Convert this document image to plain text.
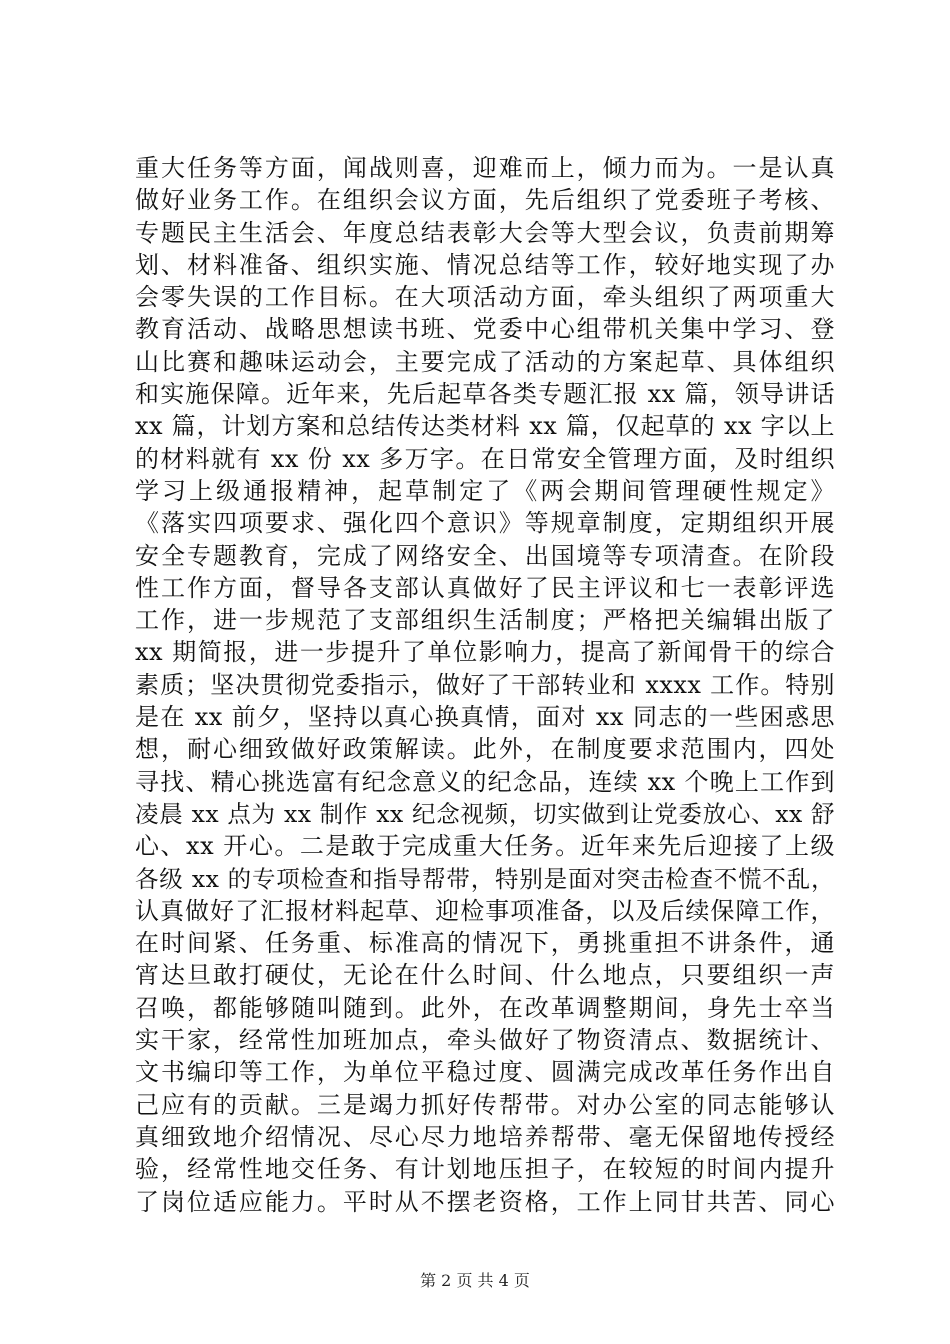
重大任务等方面，闻战则喜，迎难而上，倾力而为。一是认真
做好业务工作。在组织会议方面，先后组织了党委班子考核、
专题民主生活会、年度总结表彰大会等大型会议，负责前期筹
划、材料准备、组织实施、情况总结等工作，较好地实现了办
会零失误的工作目标。在大项活动方面，牵头组织了两项重大
教育活动、战略思想读书班、党委中心组带机关集中学习、登
山比赛和趣味运动会，主要完成了活动的方案起草、具体组织
和实施保障。近年来，先后起草各类专题汇报 xx 篇，领导讲话
xx 篇，计划方案和总结传达类材料 xx 篇，仅起草的 xx 字以上
的材料就有 xx 份 xx 多万字。在日常安全管理方面，及时组织
学习上级通报精神，起草制定了《两会期间管理硬性规定》
《落实四项要求、强化四个意识》等规章制度，定期组织开展
安全专题教育，完成了网络安全、出国境等专项清查。在阶段
性工作方面，督导各支部认真做好了民主评议和七一表彰评选
工作，进一步规范了支部组织生活制度；严格把关编辑出版了
xx 期简报，进一步提升了单位影响力，提高了新闻骨干的综合
素质；坚决贯彻党委指示，做好了干部转业和 xxxx 工作。特别
是在 xx 前夕，坚持以真心换真情，面对 xx 同志的一些困惑思
想，耐心细致做好政策解读。此外，在制度要求范围内，四处
寻找、精心挑选富有纪念意义的纪念品，连续 xx 个晚上工作到
凌晨 xx 点为 xx 制作 xx 纪念视频，切实做到让党委放心、xx 舒
心、xx 开心。二是敢于完成重大任务。近年来先后迎接了上级
各级 xx 的专项检查和指导帮带，特别是面对突击检查不慌不乱，
认真做好了汇报材料起草、迎检事项准备，以及后续保障工作，
在时间紧、任务重、标准高的情况下，勇挑重担不讲条件，通
宵达旦敢打硬仗，无论在什么时间、什么地点，只要组织一声
召唤，都能够随叫随到。此外，在改革调整期间，身先士卒当
实干家，经常性加班加点，牵头做好了物资清点、数据统计、
文书编印等工作，为单位平稳过度、圆满完成改革任务作出自
己应有的贡献。三是竭力抓好传帮带。对办公室的同志能够认
真细致地介绍情况、尽心尽力地培养帮带、毫无保留地传授经
验，经常性地交任务、有计划地压担子，在较短的时间内提升
了岗位适应能力。平时从不摆老资格，工作上同甘共苦、同心
第 2 页 共 4 页
